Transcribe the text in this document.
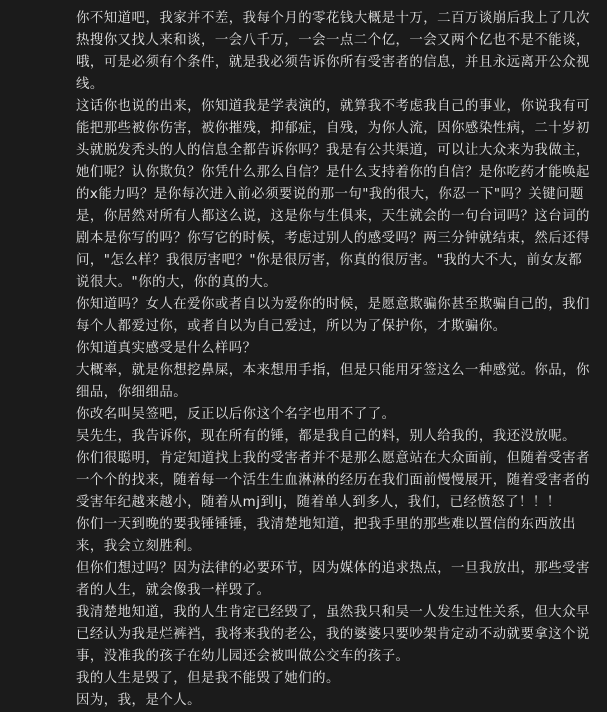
你不知道吧，我家并不差，我每个月的零花钱大概是十万，二百万谈崩后我上了几次热搜你又找人来和谈，一会八千万，一会一点二个亿，一会又两个亿也不是不能谈，哦，可是必须有个条件，就是我必须告诉你所有受害者的信息，并且永远离开公众视线。

这话你也说的出来，你知道我是学表演的，就算我不考虑我自己的事业，你说我有可能把那些被你伤害，被你摧残，抑郁症，自残，为你人流，因你感染性病，二十岁初头就脱发秃头的人的信息全都告诉你吗？我是有公共渠道，可以让大众来为我做主，她们呢？认你欺负？你凭什么那么自信？是什么支持着你的自信？是你吃药才能唤起的x能力吗？是你每次进入前必须要说的那一句"我的很大，你忍一下"吗？关键问题是，你居然对所有人都这么说，这是你与生俱来，天生就会的一句台词吗？这台词的剧本是你写的吗？你写它的时候，考虑过别人的感受吗？两三分钟就结束，然后还得问，"怎么样？我很厉害吧？"你是很厉害，你真的很厉害。"我的大不大，前女友都说很大。"你的大，你的真的大。

你知道吗？女人在爱你或者自以为爱你的时候，是愿意欺骗你甚至欺骗自己的，我们每个人都爱过你，或者自以为自己爱过，所以为了保护你，才欺骗你。

你知道真实感受是什么样吗？

大概率，就是你想挖鼻屎，本来想用手指，但是只能用牙签这么一种感觉。你品，你细品，你细细品。

你改名叫吴签吧，反正以后你这个名字也用不了了。

吴先生，我告诉你，现在所有的锤，都是我自己的料，别人给我的，我还没放呢。

你们很聪明，肯定知道找上我的受害者并不是那么愿意站在大众面前，但随着受害者一个个的找来，随着每一个活生生血淋淋的经历在我们面前慢慢展开，随着受害者的受害年纪越来越小，随着从mj到lj，随着单人到多人，我们，已经愤怒了！！！

你们一天到晚的要我锤锤锤，我清楚地知道，把我手里的那些难以置信的东西放出来，我会立刻胜利。

但你们想过吗？因为法律的必要环节，因为媒体的追求热点，一旦我放出，那些受害者的人生，就会像我一样毁了。

我清楚地知道，我的人生肯定已经毁了，虽然我只和吴一人发生过性关系，但大众早已经认为我是烂裤裆，我将来我的老公，我的婆婆只要吵架肯定动不动就要拿这个说事，没准我的孩子在幼儿园还会被叫做公交车的孩子。

我的人生是毁了，但是我不能毁了她们的。

因为，我，是个人。
